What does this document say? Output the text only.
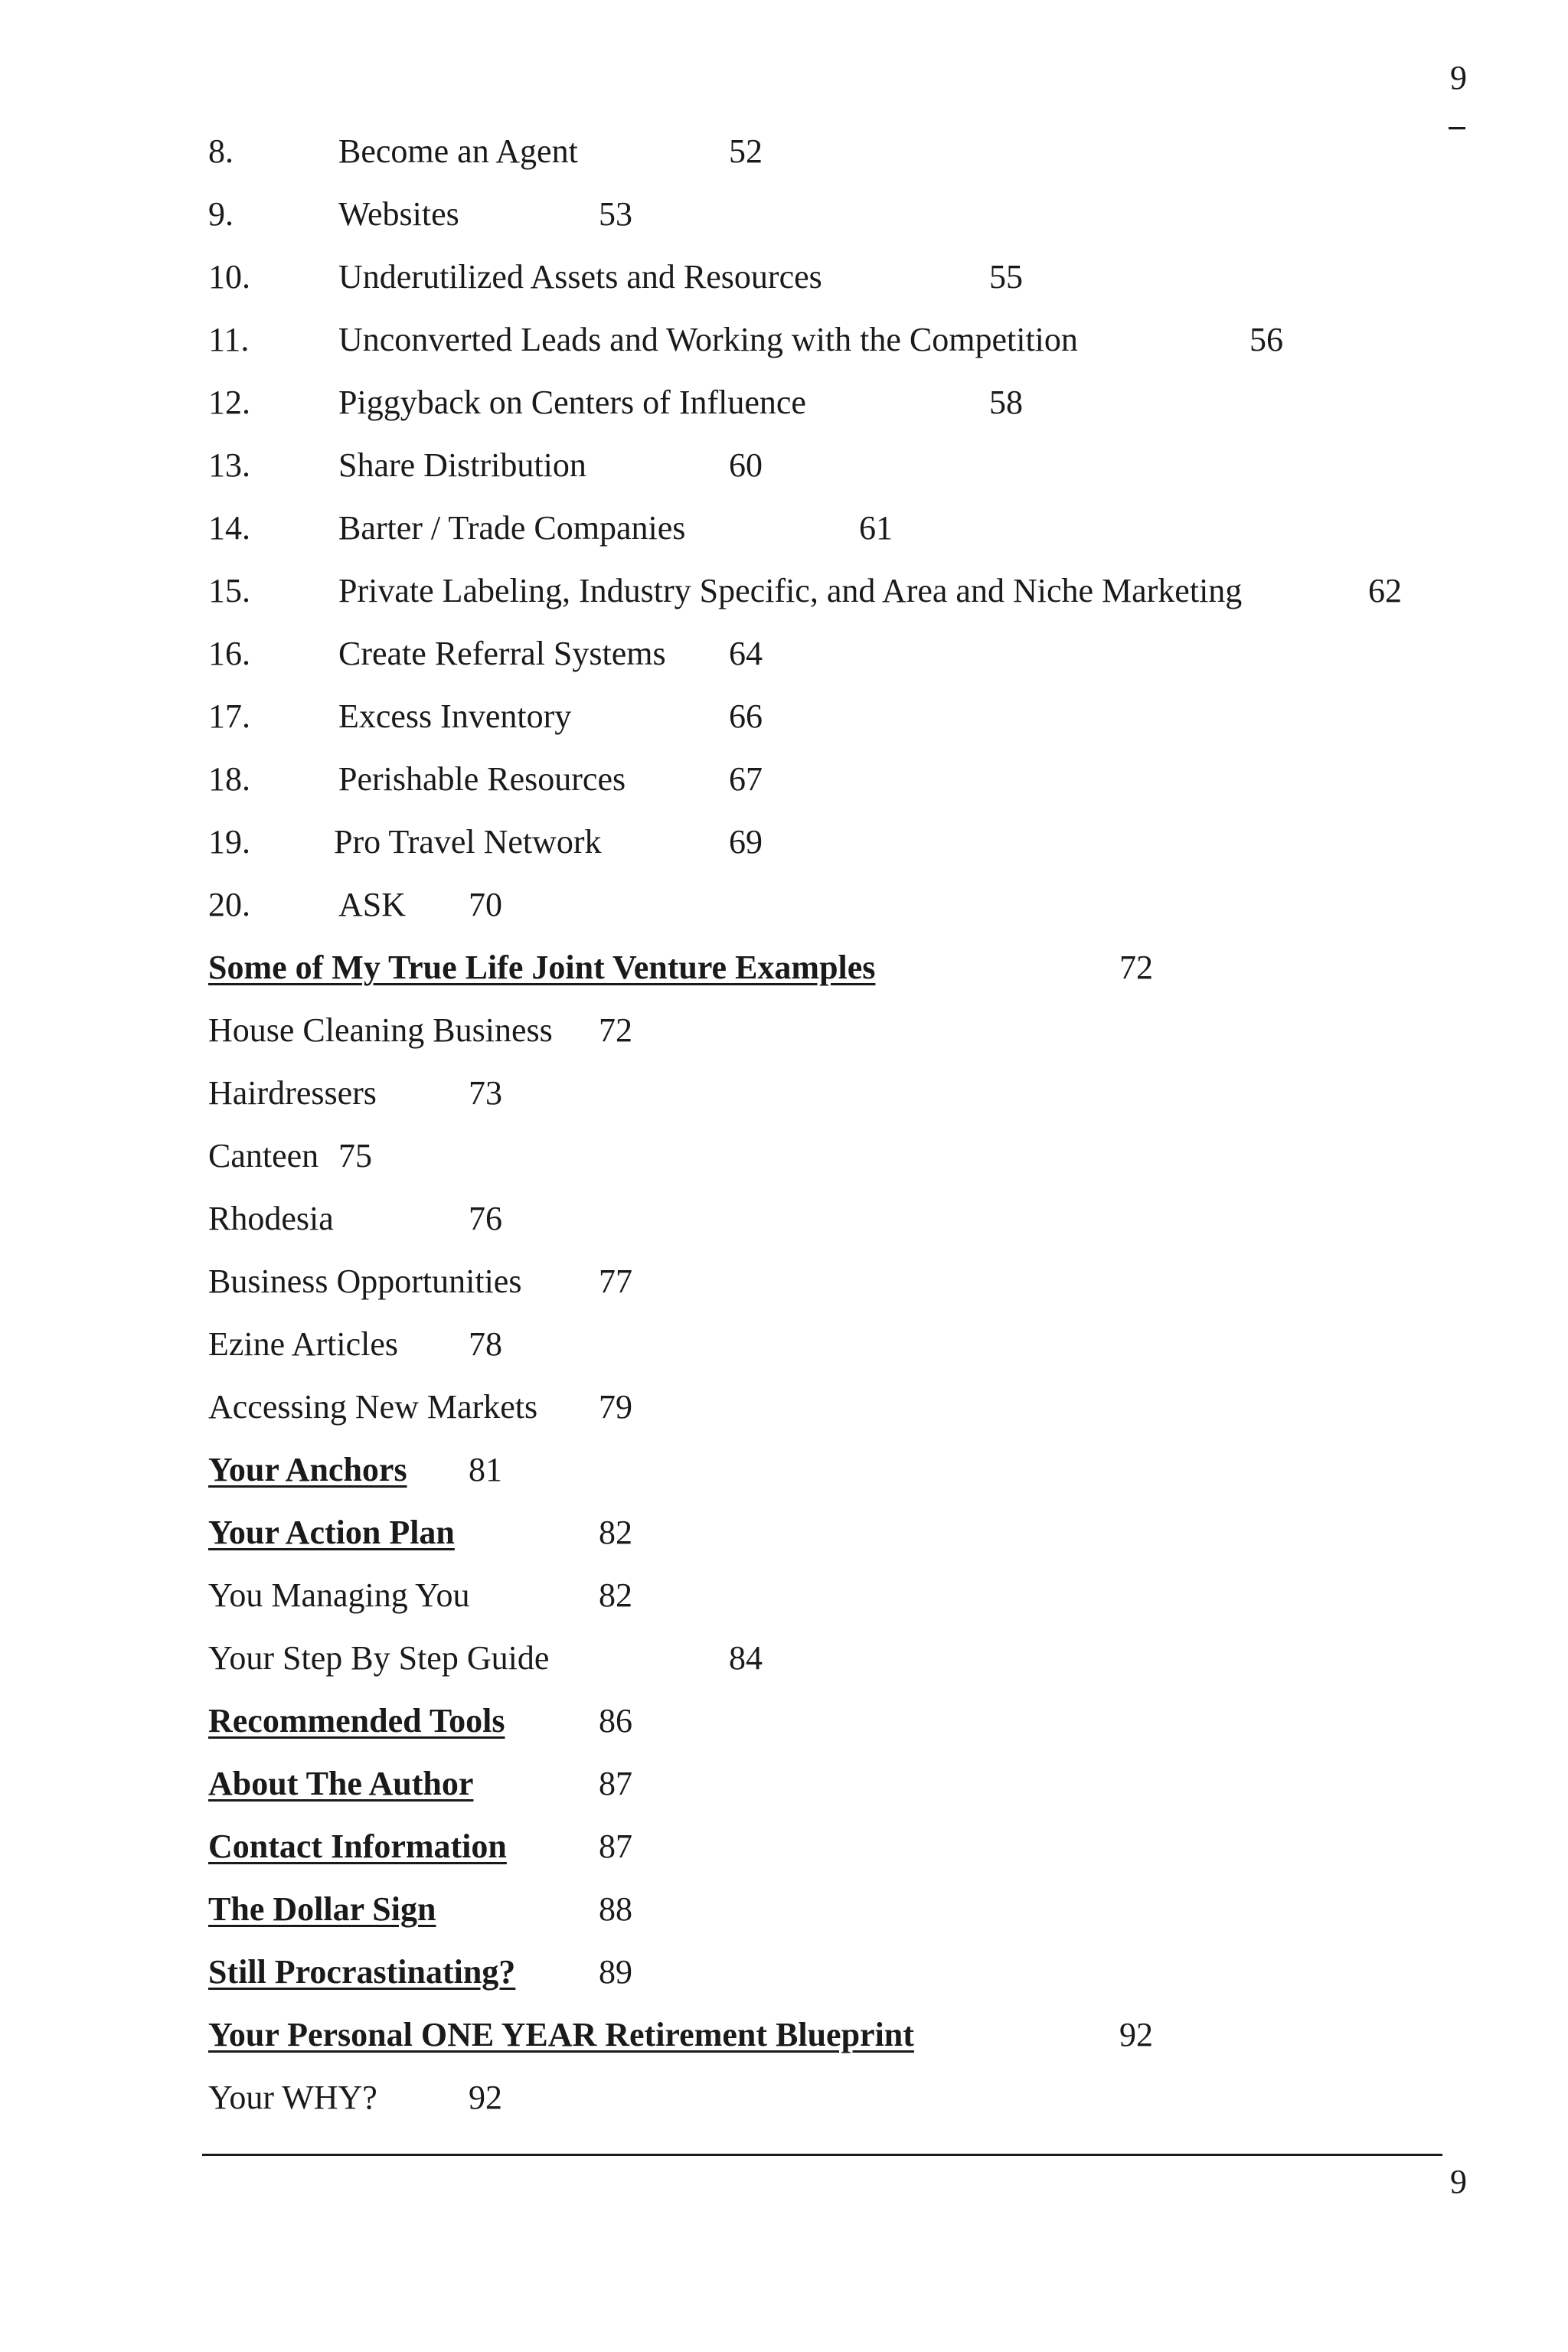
9
8.	Become an Agent	52
9.	Websites	53
10.	Underutilized Assets and Resources	55
11.	Unconverted Leads and Working with the Competition	56
12.	Piggyback on Centers of Influence	58
13.	Share Distribution	60
14.	Barter / Trade Companies	61
15.	Private Labeling, Industry Specific, and Area and Niche Marketing	62
16.	Create Referral Systems 64
17.	Excess Inventory	66
18.	Perishable Resources	67
19. Pro Travel Network	69
20.	ASK 70
Some of My True Life Joint Venture Examples	72
House Cleaning Business 72
Hairdressers	73
Canteen 75
Rhodesia	76
Business Opportunities 77
Ezine Articles 78
Accessing New Markets 79
Your Anchors 81
Your Action Plan	82
You Managing You	82
Your Step By Step Guide	84
Recommended Tools	86
About The Author	87
Contact Information	87
The Dollar Sign	88
Still Procrastinating? 89
Your Personal ONE YEAR Retirement Blueprint	92
Your WHY?	92
9
